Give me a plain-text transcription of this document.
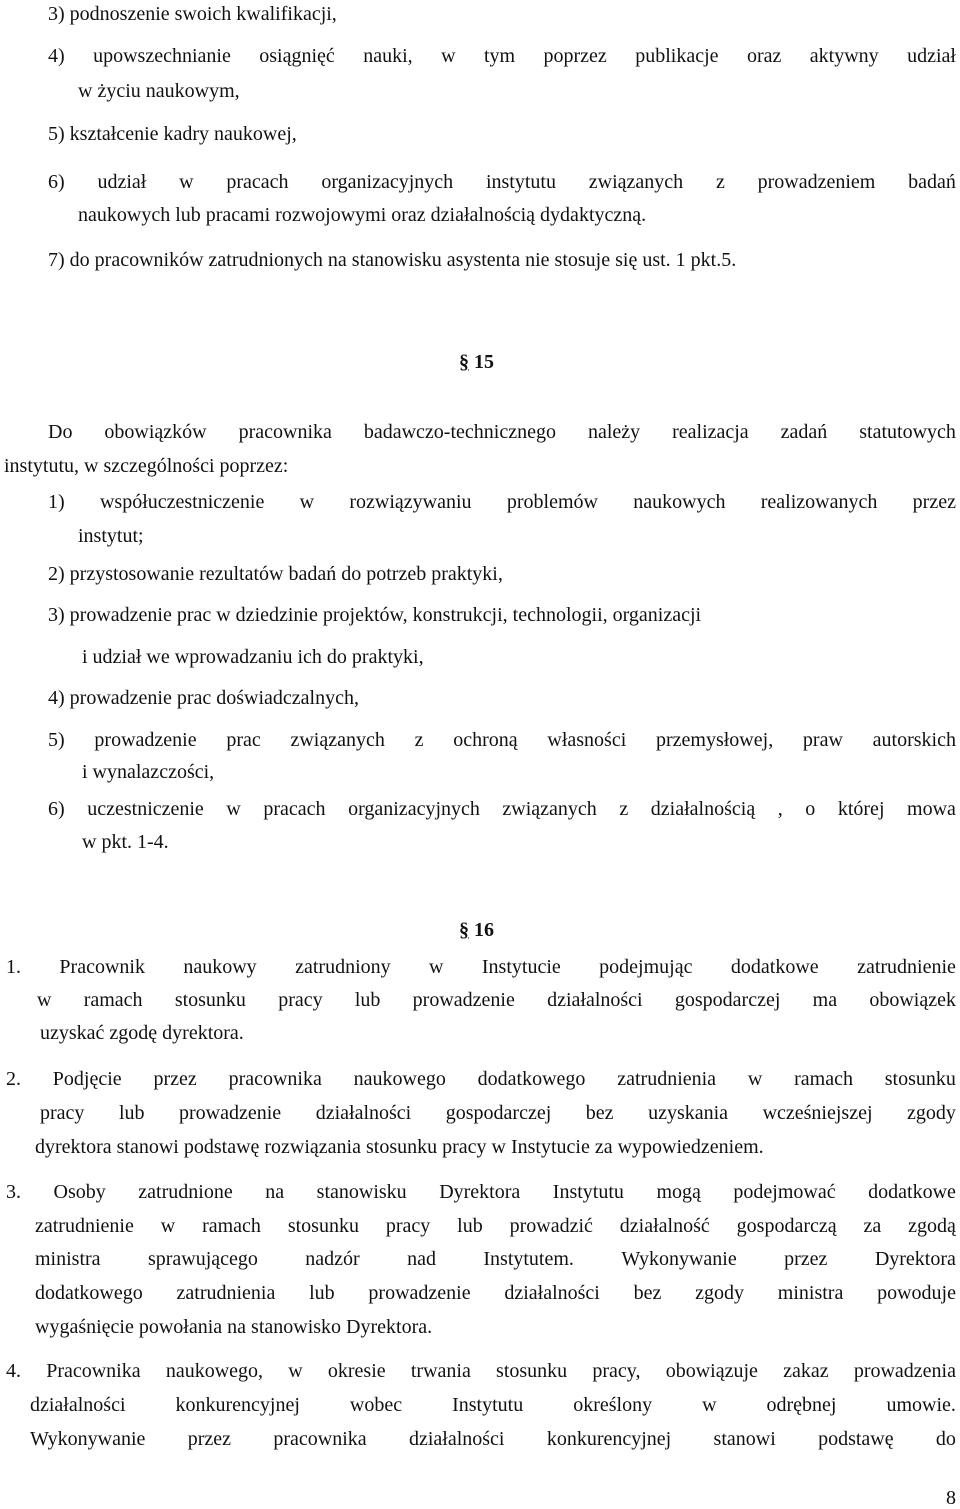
3) podnoszenie swoich kwalifikacji,
4) upowszechnianie osiągnięć nauki, w tym poprzez publikacje oraz aktywny udział
w życiu naukowym,
5) kształcenie kadry naukowej,
6) udział w pracach organizacyjnych instytutu związanych z prowadzeniem badań
naukowych lub pracami rozwojowymi oraz działalnością dydaktyczną.
7) do pracowników zatrudnionych na stanowisku asystenta nie stosuje się ust. 1 pkt.5.
§ 15
Do obowiązków pracownika badawczo-technicznego należy realizacja zadań statutowych
instytutu, w szczególności poprzez:
1) współuczestniczenie w rozwiązywaniu problemów naukowych realizowanych przez
instytut;
2) przystosowanie rezultatów badań do potrzeb praktyki,
3) prowadzenie prac w dziedzinie projektów, konstrukcji, technologii, organizacji
i udział we wprowadzaniu ich do praktyki,
4) prowadzenie prac doświadczalnych,
5) prowadzenie prac związanych z ochroną własności przemysłowej, praw autorskich
i wynalazczości,
6) uczestniczenie w pracach organizacyjnych związanych z działalnością , o której mowa
w pkt. 1-4.
§ 16
1. Pracownik naukowy zatrudniony w Instytucie podejmując dodatkowe zatrudnienie
w ramach stosunku pracy lub prowadzenie działalności gospodarczej ma obowiązek
uzyskać zgodę dyrektora.
2. Podjęcie przez pracownika naukowego dodatkowego zatrudnienia w ramach stosunku
pracy lub prowadzenie działalności gospodarczej bez uzyskania wcześniejszej zgody
dyrektora stanowi podstawę rozwiązania stosunku pracy w Instytucie za wypowiedzeniem.
3. Osoby zatrudnione na stanowisku Dyrektora Instytutu mogą podejmować dodatkowe
zatrudnienie w ramach stosunku pracy lub prowadzić działalność gospodarczą za zgodą
ministra sprawującego nadzór nad Instytutem. Wykonywanie przez Dyrektora
dodatkowego zatrudnienia lub prowadzenie działalności bez zgody ministra powoduje
wygaśnięcie powołania na stanowisko Dyrektora.
4. Pracownika naukowego, w okresie trwania stosunku pracy, obowiązuje zakaz prowadzenia
działalności konkurencyjnej wobec Instytutu określony w odrębnej umowie.
Wykonywanie przez pracownika działalności konkurencyjnej stanowi podstawę do
8
